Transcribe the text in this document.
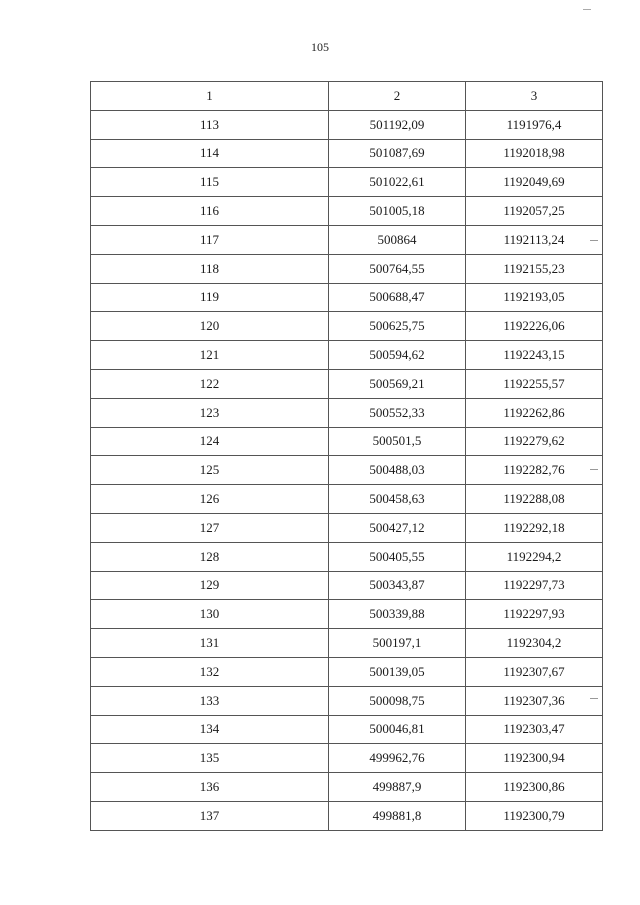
105
1	2	3
113	501192,09	1191976,4
114	501087,69	1192018,98
115	501022,61	1192049,69
116	501005,18	1192057,25
117	500864	1192113,24
118	500764,55	1192155,23
119	500688,47	1192193,05
120	500625,75	1192226,06
121	500594,62	1192243,15
122	500569,21	1192255,57
123	500552,33	1192262,86
124	500501,5	1192279,62
125	500488,03	1192282,76
126	500458,63	1192288,08
127	500427,12	1192292,18
128	500405,55	1192294,2
129	500343,87	1192297,73
130	500339,88	1192297,93
131	500197,1	1192304,2
132	500139,05	1192307,67
133	500098,75	1192307,36
134	500046,81	1192303,47
135	499962,76	1192300,94
136	499887,9	1192300,86
137	499881,8	1192300,79
